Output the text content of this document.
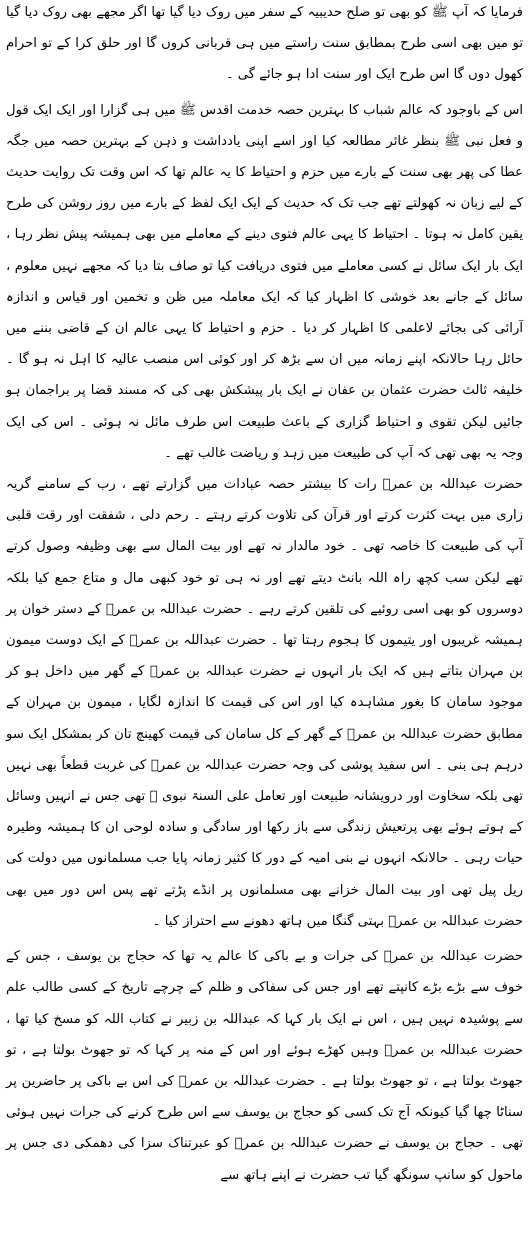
فرمایا کہ آپ ﷺ کو بھی تو صلح حدیبیہ کے سفر میں روک دیا گیا تھا اگر مجھے بھی روک دیا گیا تو میں بھی اسی طرح بمطابق سنت راستے میں ہی قربانی کروں گا اور حلق کرا کے تو احرام کھول دوں گا اس طرح ایک اور سنت ادا ہو جائے گی ۔

اس کے باوجود کہ عالم شباب کا بہترین حصہ خدمت اقدس ﷺ میں ہی گزارا اور ایک ایک قول و فعل نبی ﷺ بنظر غائر مطالعہ کیا اور اسے اپنی یادداشت و ذہن کے بہترین حصہ میں جگہ عطا کی پھر بھی سنت کے بارے میں حزم و احتیاط کا یہ عالم تھا کہ اس وقت تک روایت حدیث کے لیے زبان نہ کھولتے تھے جب تک کہ حدیث کے ایک ایک لفظ کے بارے میں روز روشن کی طرح یقین کامل نہ ہوتا ۔ احتیاط کا یہی عالم فتوی دینے کے معاملے میں بھی ہمیشہ پیش نظر رہا ، ایک بار ایک سائل نے کسی معاملے میں فتوی دریافت کیا تو صاف بتا دیا کہ مجھے نہیں معلوم ، سائل کے جانے بعد خوشی کا اظہار کیا کہ ایک معاملہ میں ظن و تخمین اور قیاس و اندازہ آرائی کی بجائے لاعلمی کا اظہار کر دیا ۔ حزم و احتیاط کا یہی عالم ان کے قاضی بننے میں حائل رہا حالانکہ اپنے زمانہ میں ان سے بڑھ کر اور کوئی اس منصب عالیہ کا اہل نہ ہو گا ۔ خلیفہ ثالث حضرت عثمان بن عفان نے ایک بار پیشکش بھی کی کہ مسند قضا پر براجمان ہو جائیں لیکن تقوی و احتیاط گزاری کے باعث طبیعت اس طرف مائل نہ ہوئی ۔ اس کی ایک وجہ یہ بھی تھی کہ آپ کی طبیعت میں زہد و ریاضت غالب تھے ۔

حضرت عبداللہ بن عمرؓ رات کا بیشتر حصہ عبادات میں گزارتے تھے ، رب کے سامنے گریہ زاری میں بہت کثرت کرتے اور قرآن کی تلاوت کرتے رہتے ۔ رحم دلی ، شفقت اور رقت قلبی آپ کی طبیعت کا خاصہ تھی ۔ خود مالدار نہ تھے اور بیت المال سے بھی وظیفہ وصول کرتے تھے لیکن سب کچھ راہ اللہ بانٹ دیتے تھے اور نہ ہی تو خود کبھی مال و متاع جمع کیا بلکہ دوسروں کو بھی اسی روئیے کی تلقین کرتے رہے ۔ حضرت عبداللہ بن عمرؓ کے دستر خوان پر ہمیشہ غریبوں اور یتیموں کا ہجوم رہتا تھا ۔ حضرت عبداللہ بن عمرؓ کے ایک دوست میمون بن مہران بتاتے ہیں کہ ایک بار انہوں نے حضرت عبداللہ بن عمرؓ کے گھر میں داخل ہو کر موجود سامان کا بغور مشاہدہ کیا اور اس کی قیمت کا اندازہ لگایا ، میمون بن مہران کے مطابق حضرت عبداللہ بن عمرؓ کے گھر کے کل سامان کی قیمت کھینچ تان کر بمشکل ایک سو درہم ہی بنی ۔ اس سفید پوشی کی وجہ حضرت عبداللہ بن عمرؓ کی غربت قطعاً بھی نہیں تھی بلکہ سخاوت اور درویشانہ طبیعت اور تعامل علی السنۃ نبوی ﷺ تھی جس نے انہیں وسائل کے ہوتے ہوئے بھی پرتعیش زندگی سے باز رکھا اور سادگی و سادہ لوحی ان کا ہمیشہ وطیرہ حیات رہی ۔ حالانکہ انہوں نے بنی امیہ کے دور کا کثیر زمانہ پایا جب مسلمانوں میں دولت کی ریل پیل تھی اور بیت المال خزانے بھی مسلمانوں پر انڈے پڑتے تھے پس اس دور میں بھی حضرت عبداللہ بن عمرؓ بہتی گنگا میں ہاتھ دھونے سے احتراز کیا ۔

حضرت عبداللہ بن عمرؓ کی جرات و بے باکی کا عالم یہ تھا کہ حجاج بن یوسف ، جس کے خوف سے بڑے بڑے کانپتے تھے اور جس کی سفاکی و ظلم کے چرچے تاریخ کے کسی طالب علم سے پوشیدہ نہیں ہیں ، اس نے ایک بار کہا کہ عبداللہ بن زبیر نے کتاب اللہ کو مسخ کیا تھا ، حضرت عبداللہ بن عمرؓ وہیں کھڑے ہوئے اور اس کے منہ پر کہا کہ تو جھوٹ بولتا ہے ، تو جھوٹ بولتا ہے ، تو جھوٹ بولتا ہے ۔ حضرت عبداللہ بن عمرؓ کی اس بے باکی پر حاضرین پر سناٹا چھا گیا کیونکہ آج تک کسی کو حجاج بن یوسف سے اس طرح کرنے کی جرات نہیں ہوئی تھی ۔ حجاج بن یوسف نے حضرت عبداللہ بن عمرؓ کو عبرتناک سزا کی دھمکی دی جس پر ماحول کو سانپ سونگھ گیا تب حضرت نے اپنے ہاتھ سے
